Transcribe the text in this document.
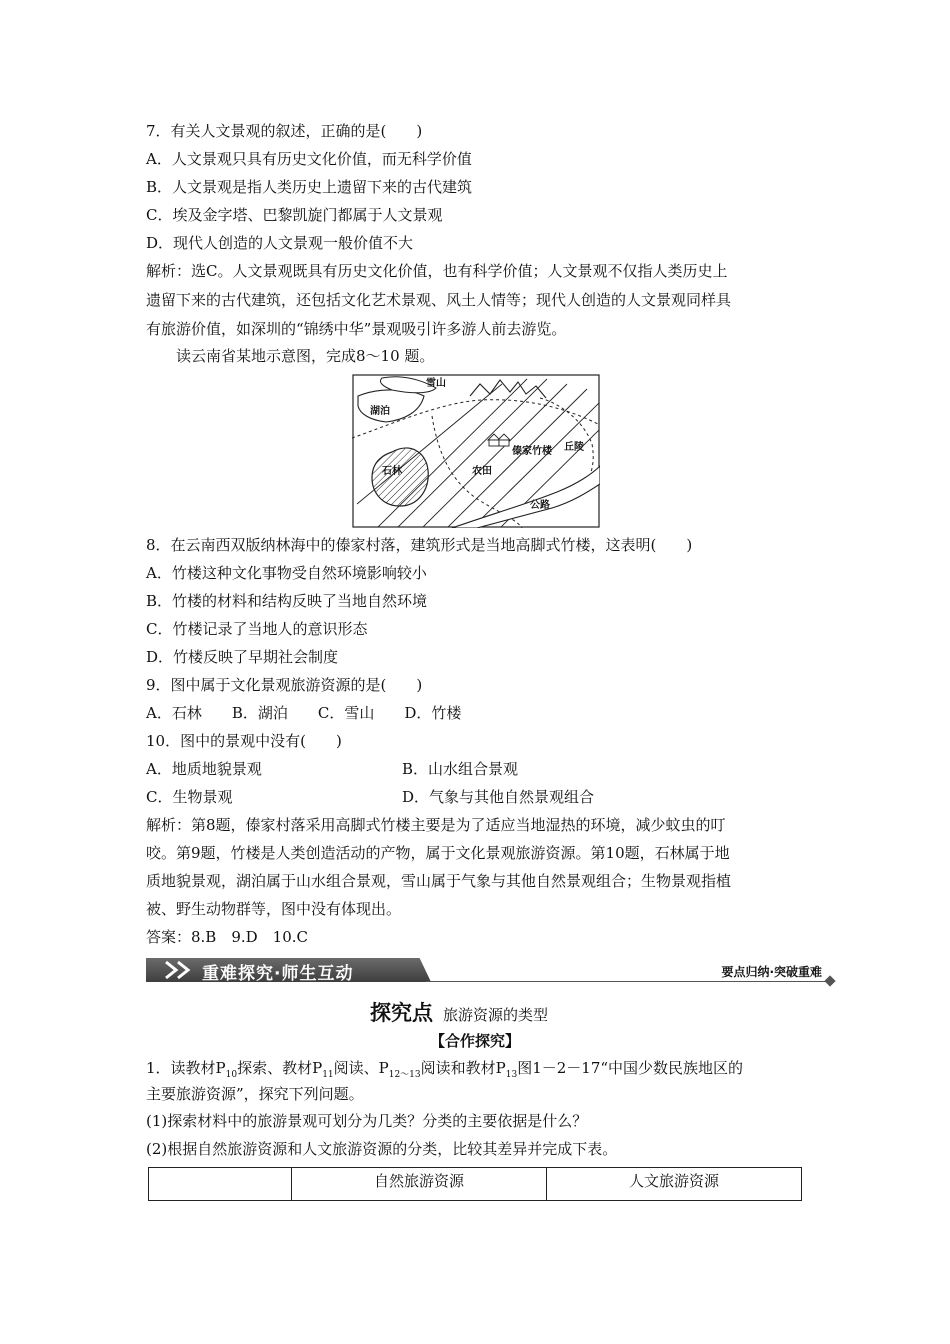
7．有关人文景观的叙述，正确的是(　　)
A．人文景观只具有历史文化价值，而无科学价值
B．人文景观是指人类历史上遗留下来的古代建筑
C．埃及金字塔、巴黎凯旋门都属于人文景观
D．现代人创造的人文景观一般价值不大
解析：选C。人文景观既具有历史文化价值，也有科学价值；人文景观不仅指人类历史上
遗留下来的古代建筑，还包括文化艺术景观、风土人情等；现代人创造的人文景观同样具
有旅游价值，如深圳的“锦绣中华”景观吸引许多游人前去游览。
读云南省某地示意图，完成8～10 题。
雪山
湖泊
丘陵
傣家竹楼
石林	农田
公路
8．在云南西双版纳林海中的傣家村落，建筑形式是当地高脚式竹楼，这表明(　　)
A．竹楼这种文化事物受自然环境影响较小
B．竹楼的材料和结构反映了当地自然环境
C．竹楼记录了当地人的意识形态
D．竹楼反映了早期社会制度
9．图中属于文化景观旅游资源的是(　　)
A．石林　　B．湖泊　　C．雪山　　D．竹楼
10．图中的景观中没有(　　)
A．地质地貌景观	B．山水组合景观
C．生物景观	D．气象与其他自然景观组合
解析：第8题，傣家村落采用高脚式竹楼主要是为了适应当地湿热的环境，减少蚊虫的叮
咬。第9题，竹楼是人类创造活动的产物，属于文化景观旅游资源。第10题，石林属于地
质地貌景观，湖泊属于山水组合景观，雪山属于气象与其他自然景观组合；生物景观指植
被、野生动物群等，图中没有体现出。
答案：8.B　9.D　10.C
重难探究·师生互动	要点归纳·突破重难
探究点 旅游资源的类型
【合作探究】
1．读教材$P_{10}$探索、教材$P_{11}$阅读、$P_{12\sim 13}$阅读和教材$P_{13}$图1－2－17“中国少数民族地区的
主要旅游资源”，探究下列问题。
(1)探索材料中的旅游景观可划分为几类？分类的主要依据是什么？
(2)根据自然旅游资源和人文旅游资源的分类，比较其差异并完成下表。
	自然旅游资源	人文旅游资源
